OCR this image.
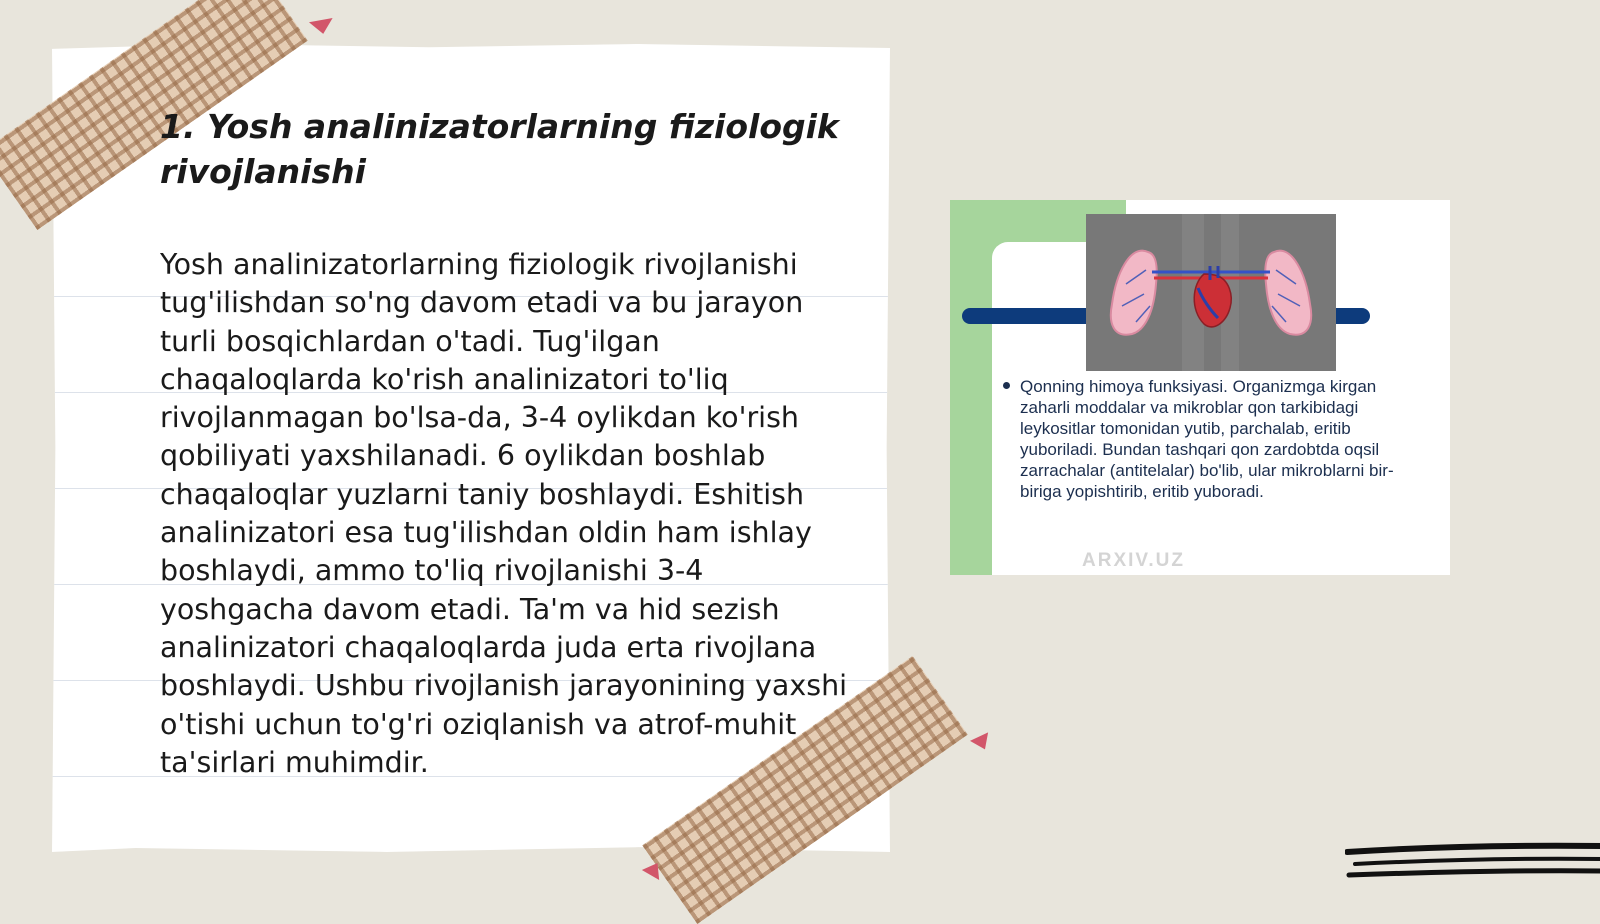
1. Yosh analinizatorlarning fiziologik rivojlanishi

Yosh analinizatorlarning fiziologik rivojlanishi tug'ilishdan so'ng davom etadi va bu jarayon turli bosqichlardan o'tadi. Tug'ilgan chaqaloqlarda ko'rish analinizatori to'liq rivojlanmagan bo'lsa-da, 3-4 oylikdan ko'rish qobiliyati yaxshilanadi. 6 oylikdan boshlab chaqaloqlar yuzlarni taniy boshlaydi. Eshitish analinizatori esa tug'ilishdan oldin ham ishlay boshlaydi, ammo to'liq rivojlanishi 3-4 yoshgacha davom etadi. Ta'm va hid sezish analinizatori chaqaloqlarda juda erta rivojlana boshlaydi. Ushbu rivojlanish jarayonining yaxshi o'tishi uchun to'g'ri oziqlanish va atrof-muhit ta'sirlari muhimdir.

Qonning himoya funksiyasi. Organizmga kirgan zaharli moddalar va mikroblar qon tarkibidagi leykositlar tomonidan yutib, parchalab, eritib yuboriladi. Bundan tashqari qon zardobtda oqsil zarrachalar (antitelalar) bo'lib, ular mikroblarni bir-biriga yopishtirib, eritib yuboradi.
ARXIV.UZ
